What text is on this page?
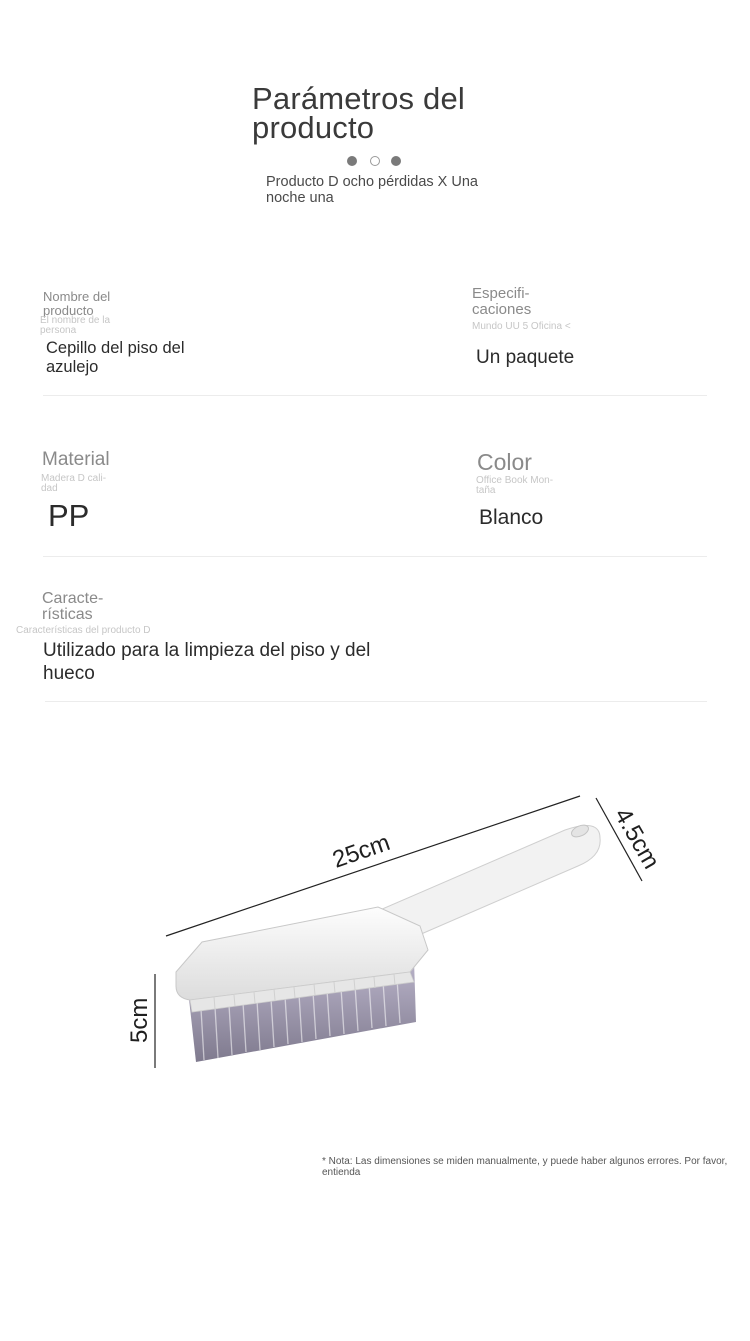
Parámetros del producto
Producto D ocho pérdidas X Una noche una
Nombre del producto
El nombre de la persona
Cepillo del piso del azulejo
Especifi-caciones
Mundo UU 5 Oficina <
Un paquete
Material
Madera D cali-dad
PP
Color
Office Book Mon-taña
Blanco
Caracte-rísticas
Características del producto D
Utilizado para la limpieza del piso y del hueco
25cm	4.5cm
5cm
* Nota: Las dimensiones se miden manualmente, y puede haber algunos errores. Por favor, entienda
